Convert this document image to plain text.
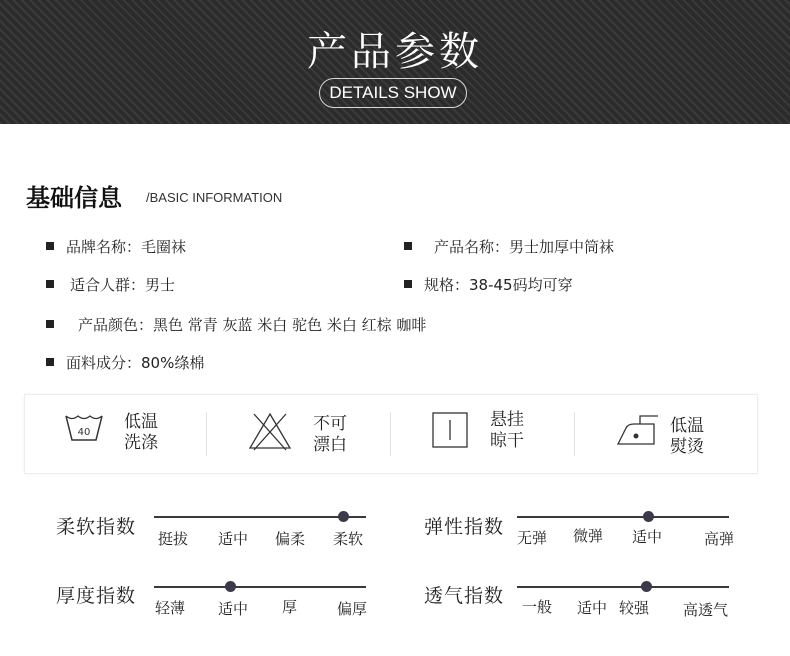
产品参数
DETAILS SHOW
基础信息 /BASIC INFORMATION
品牌名称：毛圈袜	产品名称：男士加厚中筒袜
适合人群：男士	规格：38-45码均可穿
产品颜色：黑色 常青 灰蓝 米白 驼色 米白 红棕 咖啡
面料成分：80%绦棉
40
低温
洗涤
不可
漂白
悬挂
晾干
低温
熨烫
柔软指数
挺拔 适中 偏柔 柔软
弹性指数 无弹 微弹 适中	高弹
厚度指数
轻薄 适中 厚	偏厚
透气指数 一般 适中 较强 高透气
